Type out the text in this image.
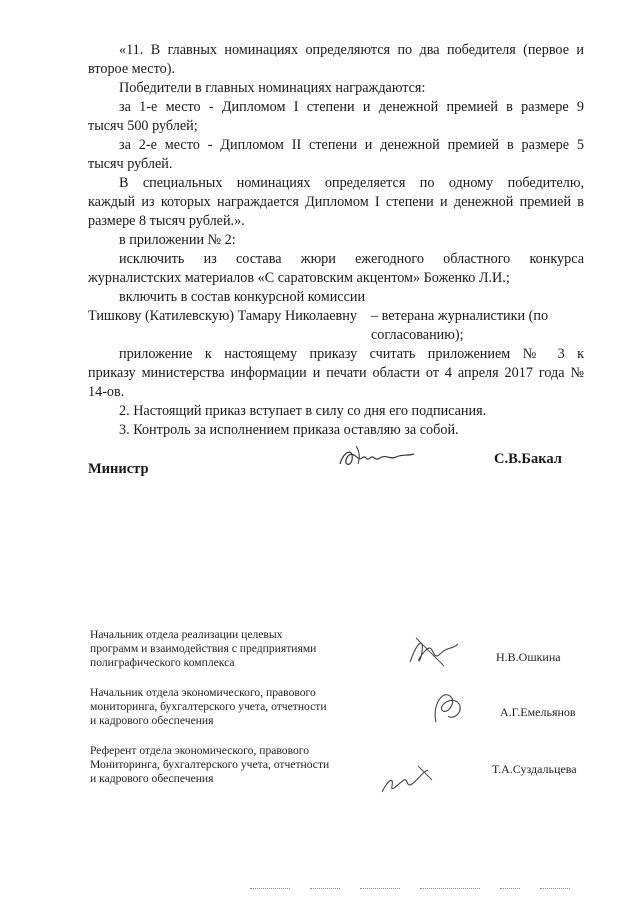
«11. В главных номинациях определяются по два победителя (первое и
второе место).
Победители в главных номинациях награждаются:
за 1-е место - Дипломом I степени и денежной премией в размере 9
тысяч 500 рублей;
за 2-е место - Дипломом II степени и денежной премией в размере 5
тысяч рублей.
В специальных номинациях определяется по одному победителю,
каждый из которых награждается Дипломом I степени и денежной премией в
размере 8 тысяч рублей.».
в приложении № 2:
исключить из состава жюри ежегодного областного конкурса
журналистских материалов «С саратовским акцентом» Боженко Л.И.;
включить в состав конкурсной комиссии
Тишкову (Катилевскую) Тамару Николаевну – ветерана журналистики (по
согласованию);
приложение к настоящему приказу считать приложением № 3 к
приказу министерства информации и печати области от 4 апреля 2017 года №
14-ов.
2. Настоящий приказ вступает в силу со дня его подписания.
3. Контроль за исполнением приказа оставляю за собой.
Министр
С.В.Бакал
Начальник отдела реализации целевых
программ и взаимодействия с предприятиями
полиграфического комплекса	Н.В.Ошкина
Начальник отдела экономического, правового
мониторинга, бухгалтерского учета, отчетности
и кадрового обеспечения
А.Г.Емельянов
Референт отдела экономического, правового
Мониторинга, бухгалтерского учета, отчетности
и кадрового обеспечения
Т.А.Суздальцева
